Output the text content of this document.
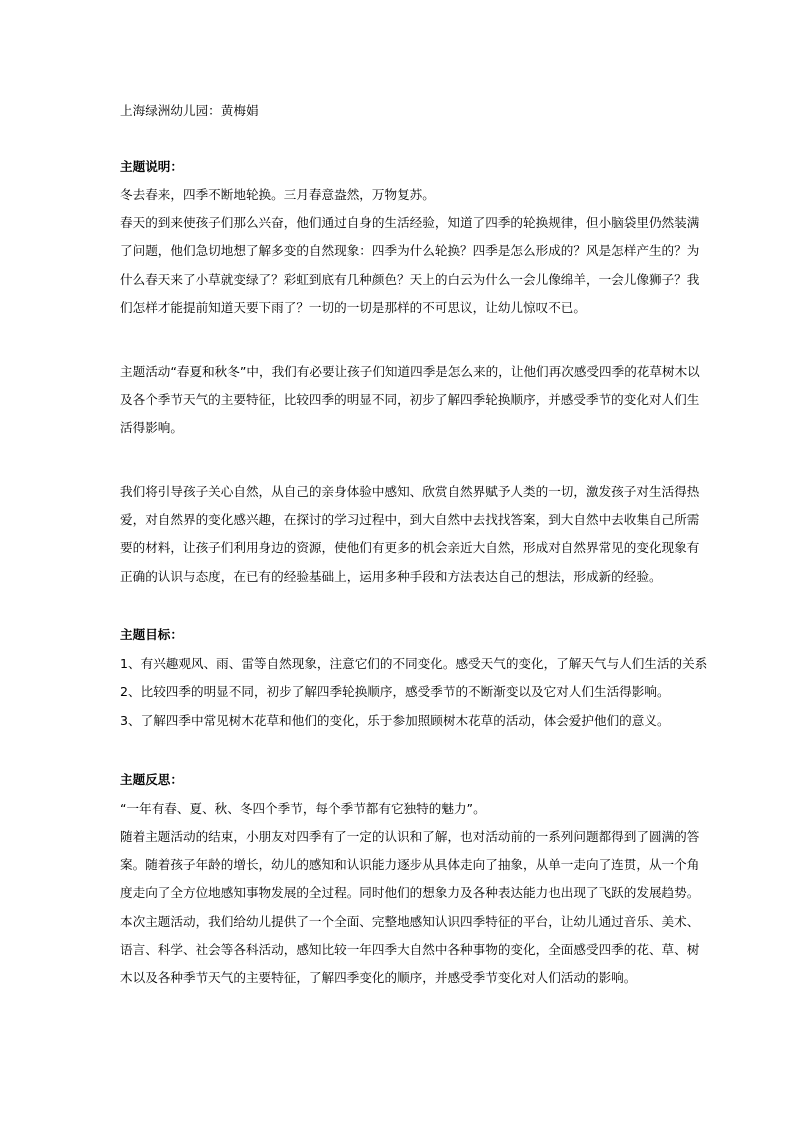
上海绿洲幼儿园：黄梅娟
主题说明：
冬去春来，四季不断地轮换。三月春意盎然，万物复苏。
春天的到来使孩子们那么兴奋，他们通过自身的生活经验，知道了四季的轮换规律，但小脑袋里仍然装满
了问题，他们急切地想了解多变的自然现象：四季为什么轮换？四季是怎么形成的？风是怎样产生的？为
什么春天来了小草就变绿了？彩虹到底有几种颜色？天上的白云为什么一会儿像绵羊，一会儿像狮子？我
们怎样才能提前知道天要下雨了？一切的一切是那样的不可思议，让幼儿惊叹不已。
主题活动“春夏和秋冬”中，我们有必要让孩子们知道四季是怎么来的，让他们再次感受四季的花草树木以
及各个季节天气的主要特征，比较四季的明显不同，初步了解四季轮换顺序，并感受季节的变化对人们生
活得影响。
我们将引导孩子关心自然，从自己的亲身体验中感知、欣赏自然界赋予人类的一切，激发孩子对生活得热
爱，对自然界的变化感兴趣，在探讨的学习过程中，到大自然中去找找答案，到大自然中去收集自己所需
要的材料，让孩子们利用身边的资源，使他们有更多的机会亲近大自然，形成对自然界常见的变化现象有
正确的认识与态度，在已有的经验基础上，运用多种手段和方法表达自己的想法，形成新的经验。
主题目标：
1、有兴趣观风、雨、雷等自然现象，注意它们的不同变化。感受天气的变化，了解天气与人们生活的关系
2、比较四季的明显不同，初步了解四季轮换顺序，感受季节的不断渐变以及它对人们生活得影响。
3、了解四季中常见树木花草和他们的变化，乐于参加照顾树木花草的活动，体会爱护他们的意义。
主题反思：
“一年有春、夏、秋、冬四个季节，每个季节都有它独特的魅力”。
随着主题活动的结束，小朋友对四季有了一定的认识和了解，也对活动前的一系列问题都得到了圆满的答
案。随着孩子年龄的增长，幼儿的感知和认识能力逐步从具体走向了抽象，从单一走向了连贯，从一个角
度走向了全方位地感知事物发展的全过程。同时他们的想象力及各种表达能力也出现了飞跃的发展趋势。
本次主题活动，我们给幼儿提供了一个全面、完整地感知认识四季特征的平台，让幼儿通过音乐、美术、
语言、科学、社会等各科活动，感知比较一年四季大自然中各种事物的变化，全面感受四季的花、草、树
木以及各种季节天气的主要特征，了解四季变化的顺序，并感受季节变化对人们活动的影响。
